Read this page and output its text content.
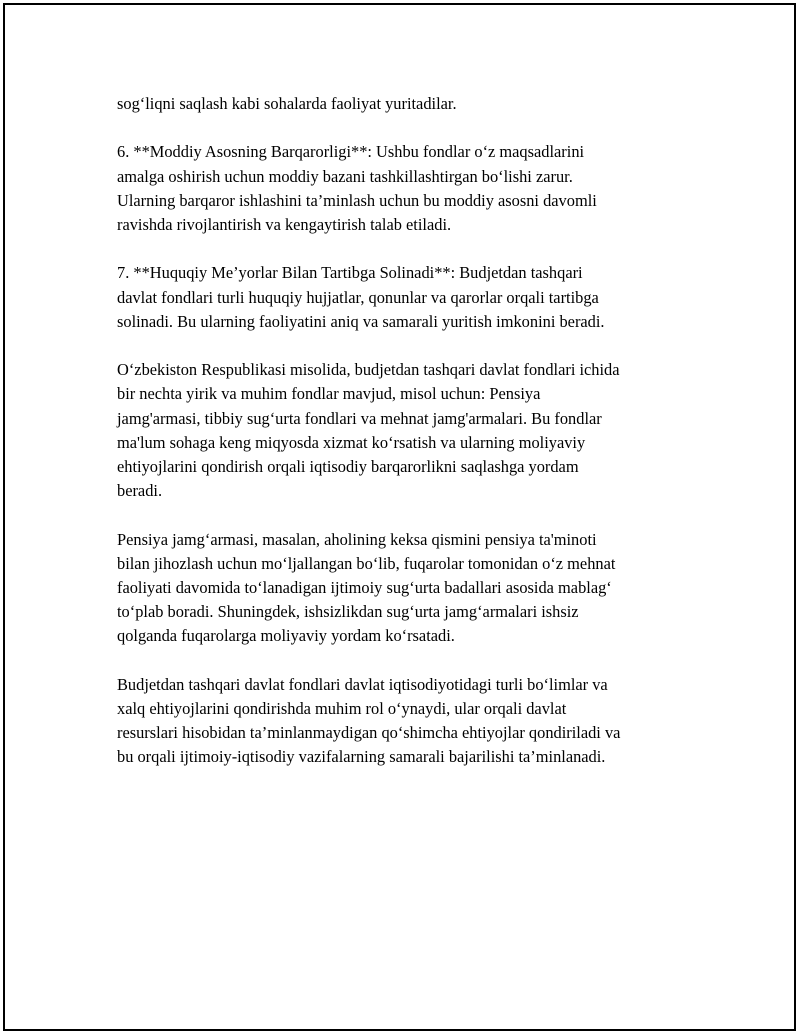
sog‘liqni saqlash kabi sohalarda faoliyat yuritadilar.

6. **Moddiy Asosning Barqarorligi**: Ushbu fondlar o‘z maqsadlarini
amalga oshirish uchun moddiy bazani tashkillashtirgan bo‘lishi zarur.
Ularning barqaror ishlashini ta’minlash uchun bu moddiy asosni davomli
ravishda rivojlantirish va kengaytirish talab etiladi.

7. **Huquqiy Me’yorlar Bilan Tartibga Solinadi**: Budjetdan tashqari
davlat fondlari turli huquqiy hujjatlar, qonunlar va qarorlar orqali tartibga
solinadi. Bu ularning faoliyatini aniq va samarali yuritish imkonini beradi.

O‘zbekiston Respublikasi misolida, budjetdan tashqari davlat fondlari ichida
bir nechta yirik va muhim fondlar mavjud, misol uchun: Pensiya
jamg'armasi, tibbiy sug‘urta fondlari va mehnat jamg'armalari. Bu fondlar
ma'lum sohaga keng miqyosda xizmat ko‘rsatish va ularning moliyaviy
ehtiyojlarini qondirish orqali iqtisodiy barqarorlikni saqlashga yordam
beradi.

Pensiya jamg‘armasi, masalan, aholining keksa qismini pensiya ta'minoti
bilan jihozlash uchun mo‘ljallangan bo‘lib, fuqarolar tomonidan o‘z mehnat
faoliyati davomida to‘lanadigan ijtimoiy sug‘urta badallari asosida mablag‘
to‘plab boradi. Shuningdek, ishsizlikdan sug‘urta jamg‘armalari ishsiz
qolganda fuqarolarga moliyaviy yordam ko‘rsatadi.

Budjetdan tashqari davlat fondlari davlat iqtisodiyotidagi turli bo‘limlar va
xalq ehtiyojlarini qondirishda muhim rol o‘ynaydi, ular orqali davlat
resurslari hisobidan ta’minlanmaydigan qo‘shimcha ehtiyojlar qondiriladi va
bu orqali ijtimoiy-iqtisodiy vazifalarning samarali bajarilishi ta’minlanadi.
